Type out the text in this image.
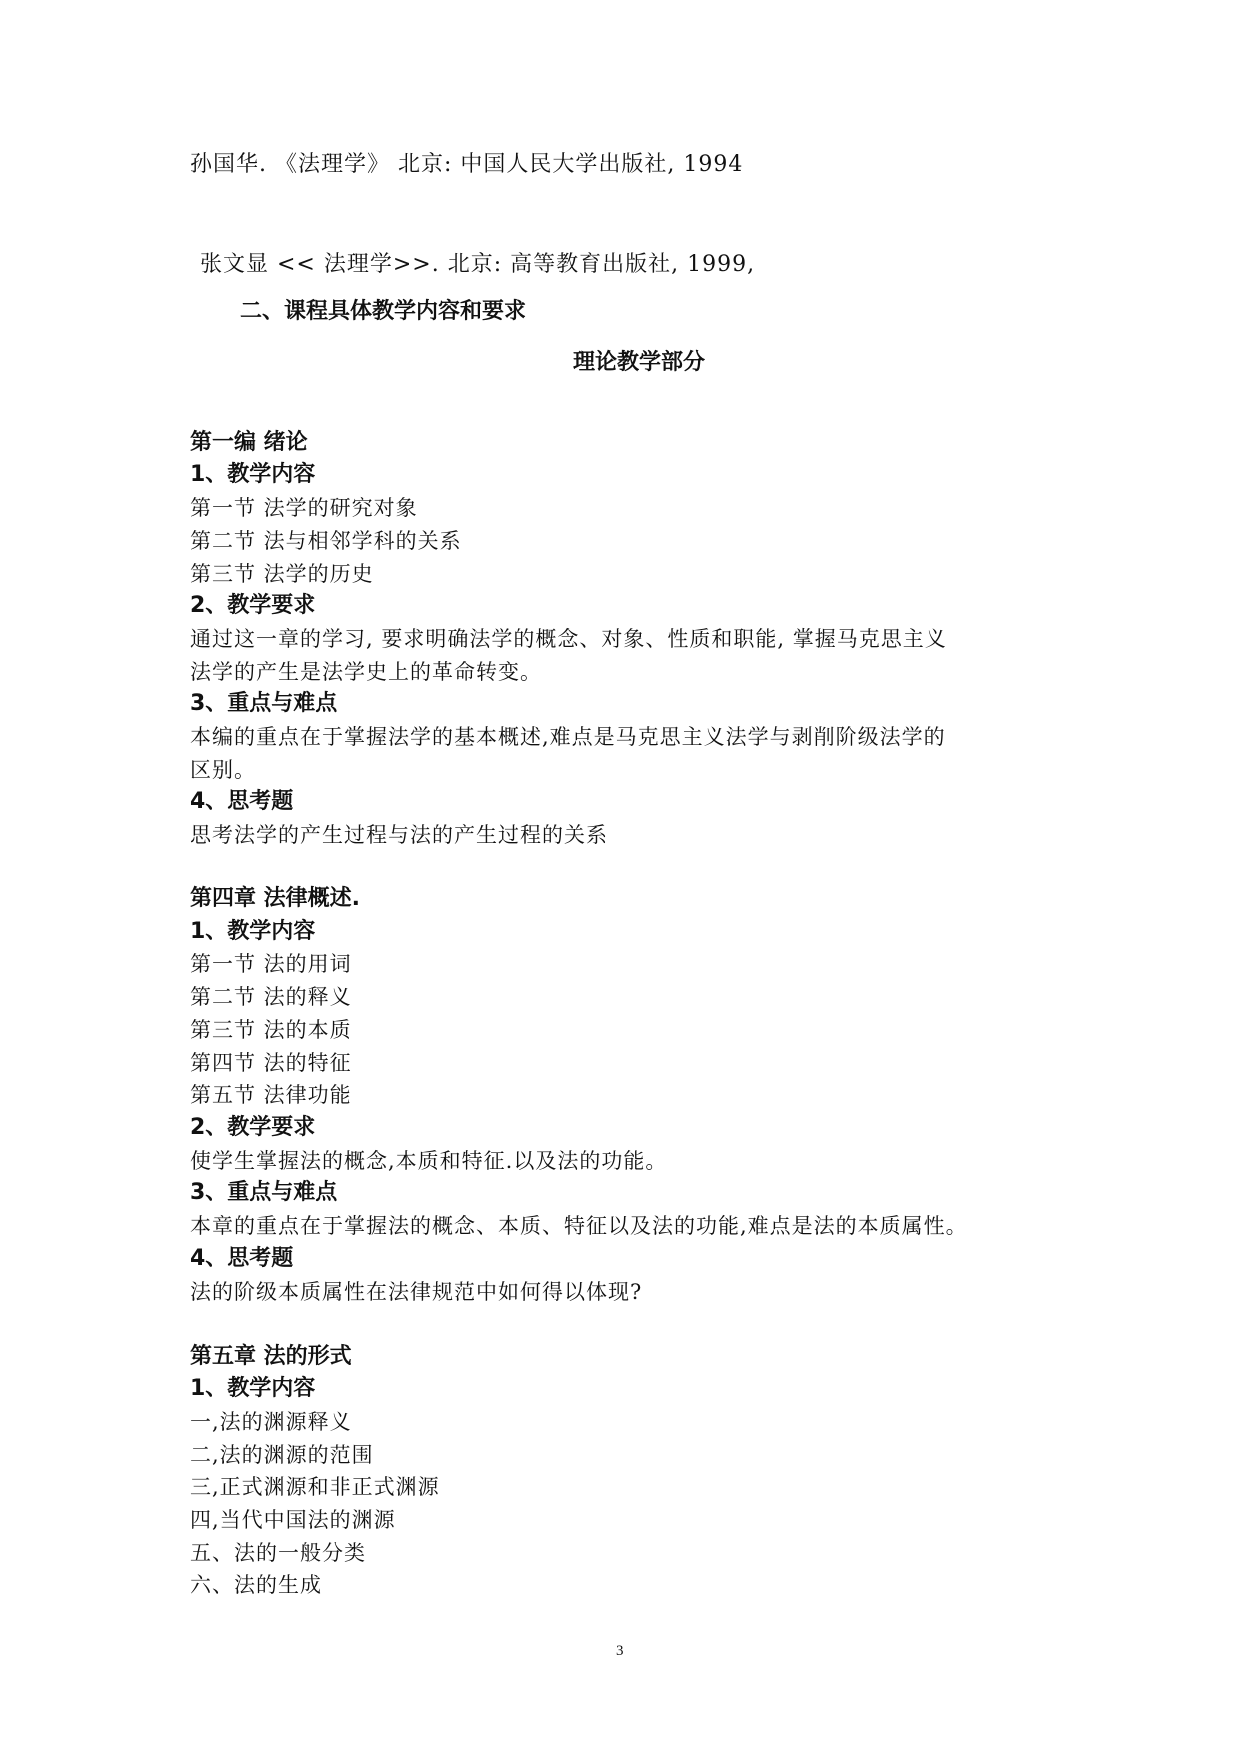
孙国华. 《法理学》 北京: 中国人民大学出版社, 1994
张文显 << 法理学>>. 北京: 高等教育出版社, 1999,
二、课程具体教学内容和要求
理论教学部分
第一编 绪论
1、教学内容
第一节 法学的研究对象
第二节 法与相邻学科的关系
第三节 法学的历史
2、教学要求
通过这一章的学习, 要求明确法学的概念、对象、性质和职能, 掌握马克思主义
法学的产生是法学史上的革命转变。
3、重点与难点
本编的重点在于掌握法学的基本概述,难点是马克思主义法学与剥削阶级法学的
区别。
4、思考题
思考法学的产生过程与法的产生过程的关系
第四章 法律概述.
1、教学内容
第一节 法的用词
第二节 法的释义
第三节 法的本质
第四节 法的特征
第五节 法律功能
2、教学要求
使学生掌握法的概念,本质和特征.以及法的功能。
3、重点与难点
本章的重点在于掌握法的概念、本质、特征以及法的功能,难点是法的本质属性。
4、思考题
法的阶级本质属性在法律规范中如何得以体现?
第五章 法的形式
1、教学内容
一,法的渊源释义
二,法的渊源的范围
三,正式渊源和非正式渊源
四,当代中国法的渊源
五、法的一般分类
六、法的生成
3
